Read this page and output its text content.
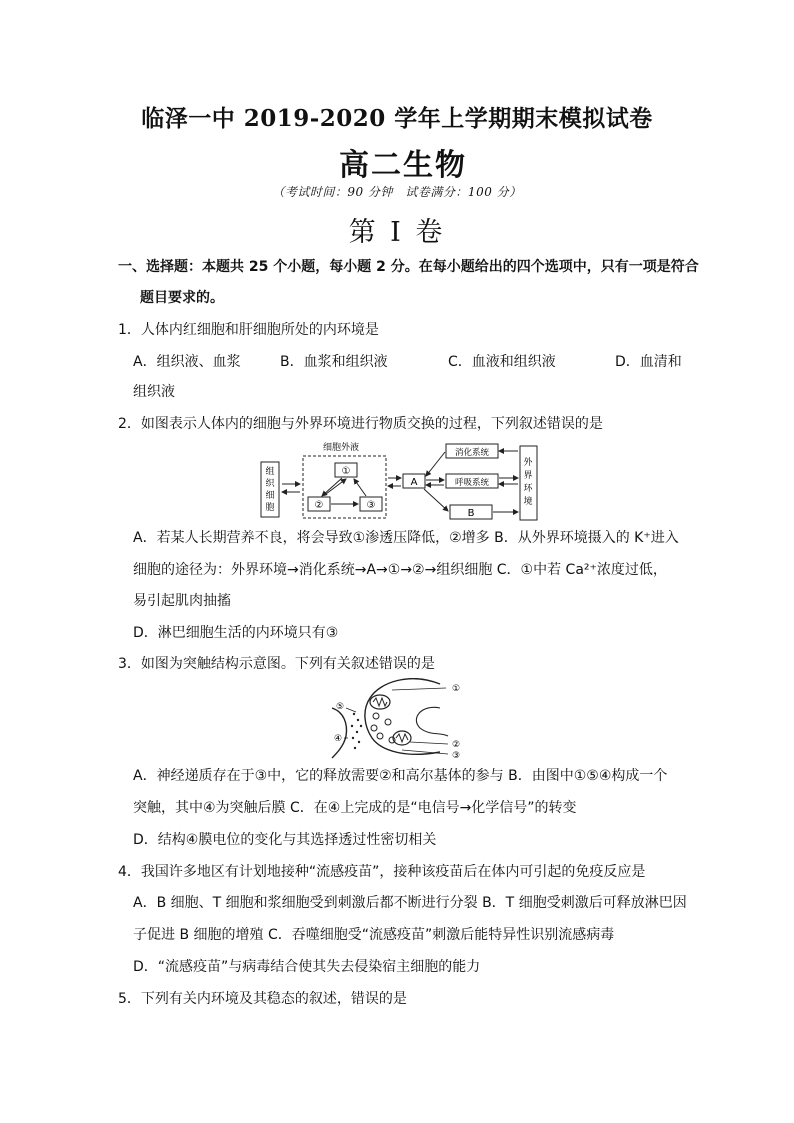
临泽一中 2019-2020 学年上学期期末模拟试卷
高二生物
（考试时间：90 分钟　试卷满分：100 分）
第 I 卷
一、选择题：本题共 25 个小题，每小题 2 分。在每小题给出的四个选项中，只有一项是符合
题目要求的。
1．人体内红细胞和肝细胞所处的内环境是
A．组织液、血浆	B．血浆和组织液	C．血液和组织液	D．血清和
组织液
2．如图表示人体内的细胞与外界环境进行物质交换的过程，下列叙述错误的是
组
织
细
胞
细胞外液
①
②	③
A
消化系统
呼吸系统
B
外
界
环
境
A．若某人长期营养不良，将会导致①渗透压降低，②增多 B．从外界环境摄入的 K⁺进入
细胞的途径为：外界环境→消化系统→A→①→②→组织细胞 C．①中若 Ca²⁺浓度过低，
易引起肌肉抽搐
D．淋巴细胞生活的内环境只有③
3．如图为突触结构示意图。下列有关叙述错误的是
①
②
③
④
⑤
A．神经递质存在于③中，它的释放需要②和高尔基体的参与 B．由图中①⑤④构成一个
突触，其中④为突触后膜 C．在④上完成的是“电信号→化学信号”的转变
D．结构④膜电位的变化与其选择透过性密切相关
4．我国许多地区有计划地接种“流感疫苗”，接种该疫苗后在体内可引起的免疫反应是
A．B 细胞、T 细胞和浆细胞受到刺激后都不断进行分裂 B．T 细胞受刺激后可释放淋巴因
子促进 B 细胞的增殖 C．吞噬细胞受“流感疫苗”刺激后能特异性识别流感病毒
D．“流感疫苗”与病毒结合使其失去侵染宿主细胞的能力
5．下列有关内环境及其稳态的叙述，错误的是
